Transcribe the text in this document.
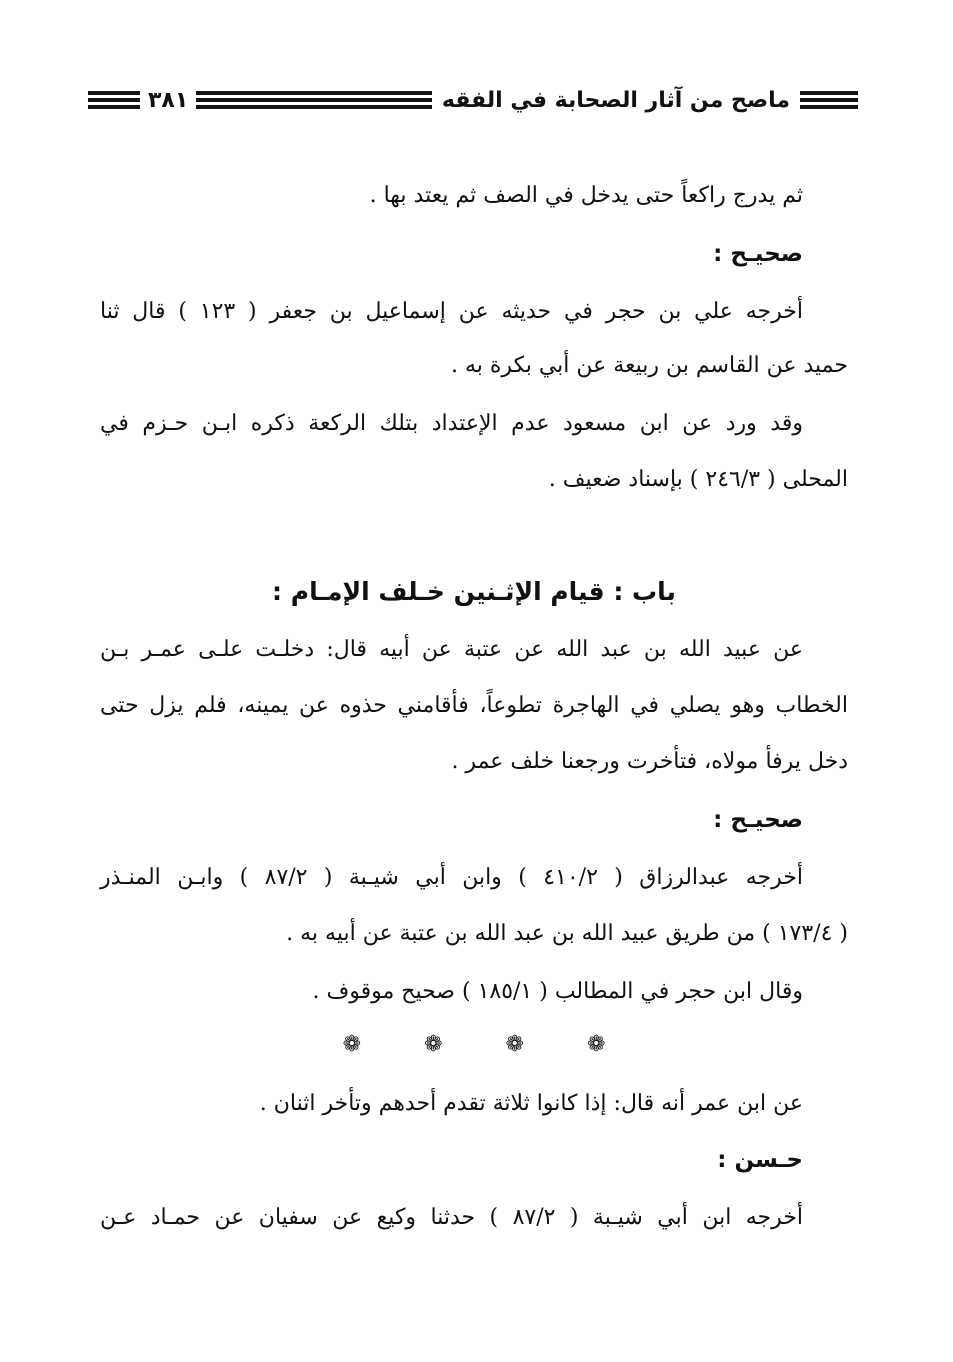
ماصح من آثار الصحابة في الفقه
٣٨١
ثم يدرج راكعاً حتى يدخل في الصف ثم يعتد بها .
صحيـح :
أخرجه علي بن حجر في حديثه عن إسماعيل بن جعفر ( ١٢٣ ) قال ثنا
حميد عن القاسم بن ربيعة عن أبي بكرة به .
وقد ورد عن ابن مسعود عدم الإعتداد بتلك الركعة ذكره ابـن حـزم في
المحلى ( ٢٤٦/٣ ) بإسناد ضعيف .
باب : قيام الإثـنين خـلف الإمـام :
عن عبيد الله بن عبد الله عن عتبة عن أبيه قال: دخلـت علـى عمـر بـن
الخطاب وهو يصلي في الهاجرة تطوعاً، فأقامني حذوه عن يمينه، فلم يزل حتى
دخل يرفأ مولاه، فتأخرت ورجعنا خلف عمر .
صحيـح :
أخرجه عبدالرزاق ( ٤١٠/٢ ) وابن أبي شيـبة ( ٨٧/٢ ) وابـن المنـذر
( ١٧٣/٤ ) من طريق عبيد الله بن عبد الله بن عتبة عن أبيه به .
وقال ابن حجر في المطالب ( ١٨٥/١ ) صحيح موقوف .
❁	❁	❁	❁
عن ابن عمر أنه قال: إذا كانوا ثلاثة تقدم أحدهم وتأخر اثنان .
حـسن :
أخرجه ابن أبي شيـبة ( ٨٧/٢ ) حدثنا وكيع عن سفيان عن حمـاد عـن
